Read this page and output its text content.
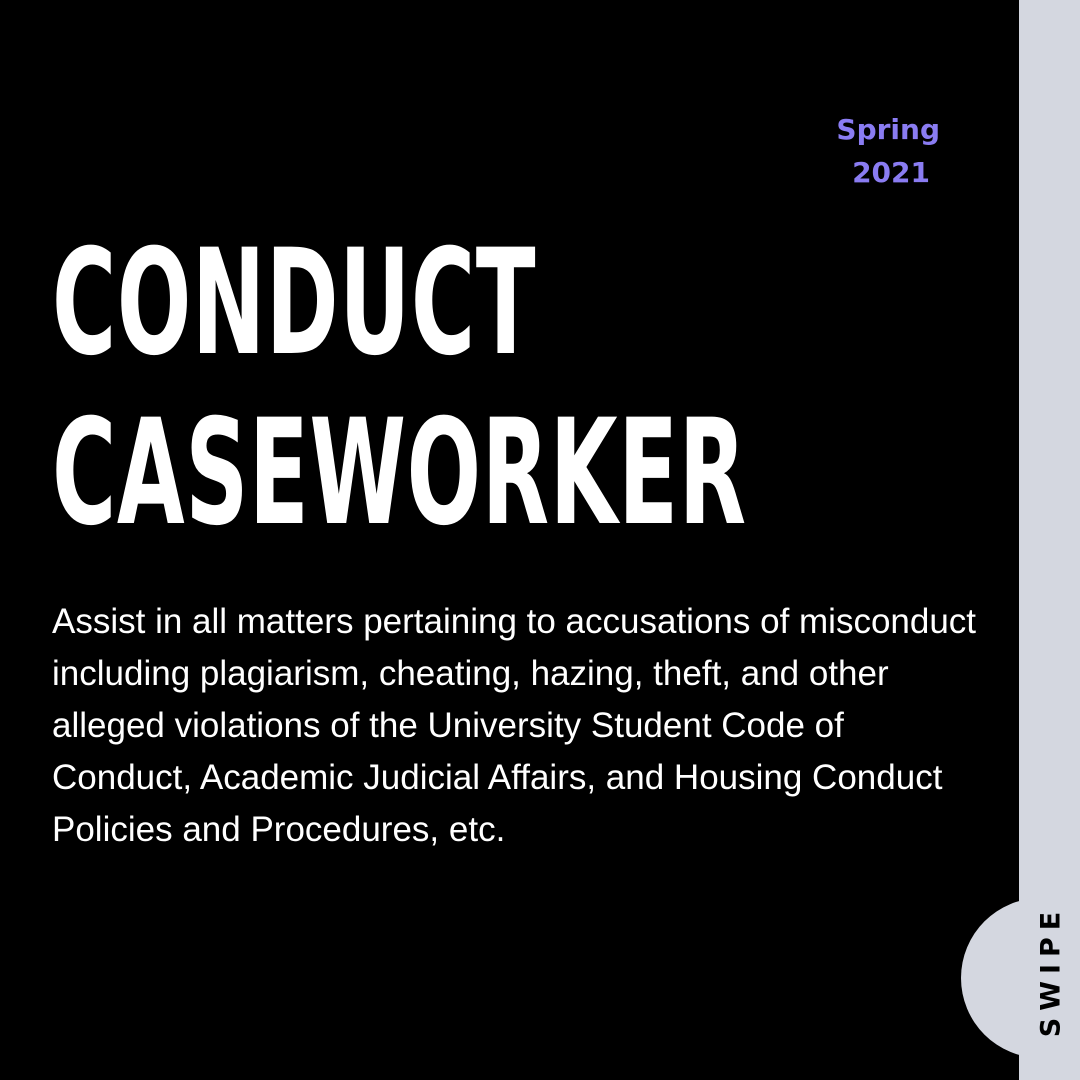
SWIPE
Spring
2021
CONDUCT
CASEWORKER

Assist in all matters pertaining to accusations of misconduct including plagiarism, cheating, hazing, theft, and other alleged violations of the University Student Code of Conduct, Academic Judicial Affairs, and Housing Conduct Policies and Procedures, etc.
